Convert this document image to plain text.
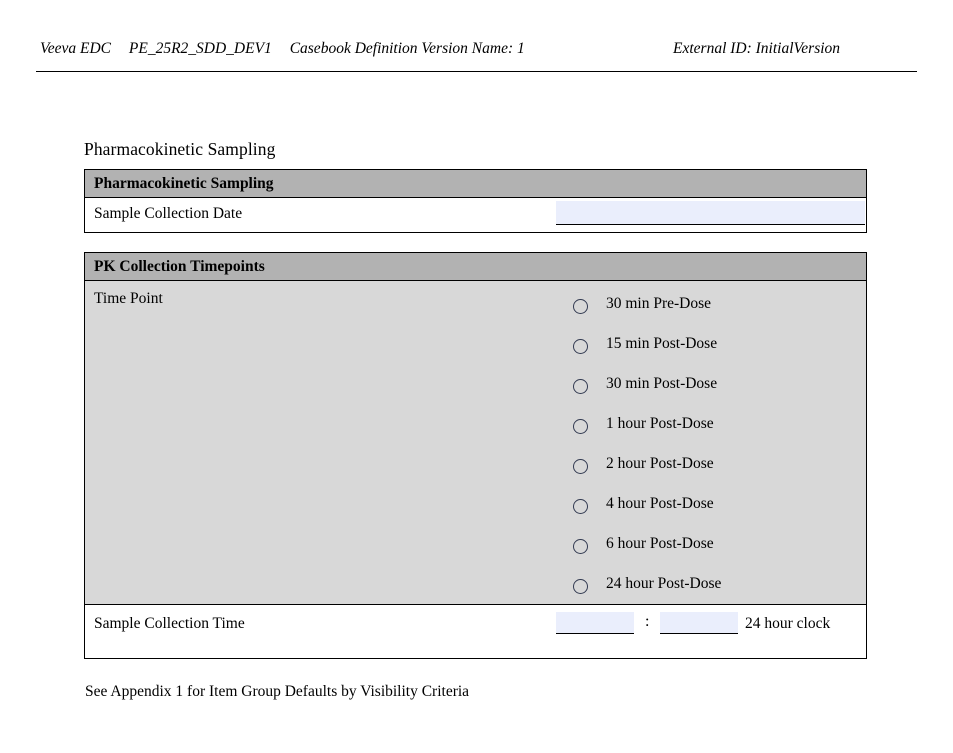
Veeva EDC PE_25R2_SDD_DEV1 Casebook Definition Version Name: 1	External ID: InitialVersion
Pharmacokinetic Sampling
Pharmacokinetic Sampling
Sample Collection Date
PK Collection Timepoints
Time Point	30 min Pre-Dose
15 min Post-Dose
30 min Post-Dose
1 hour Post-Dose
2 hour Post-Dose
4 hour Post-Dose
6 hour Post-Dose
24 hour Post-Dose
Sample Collection Time	:	24 hour clock
See Appendix 1 for Item Group Defaults by Visibility Criteria
